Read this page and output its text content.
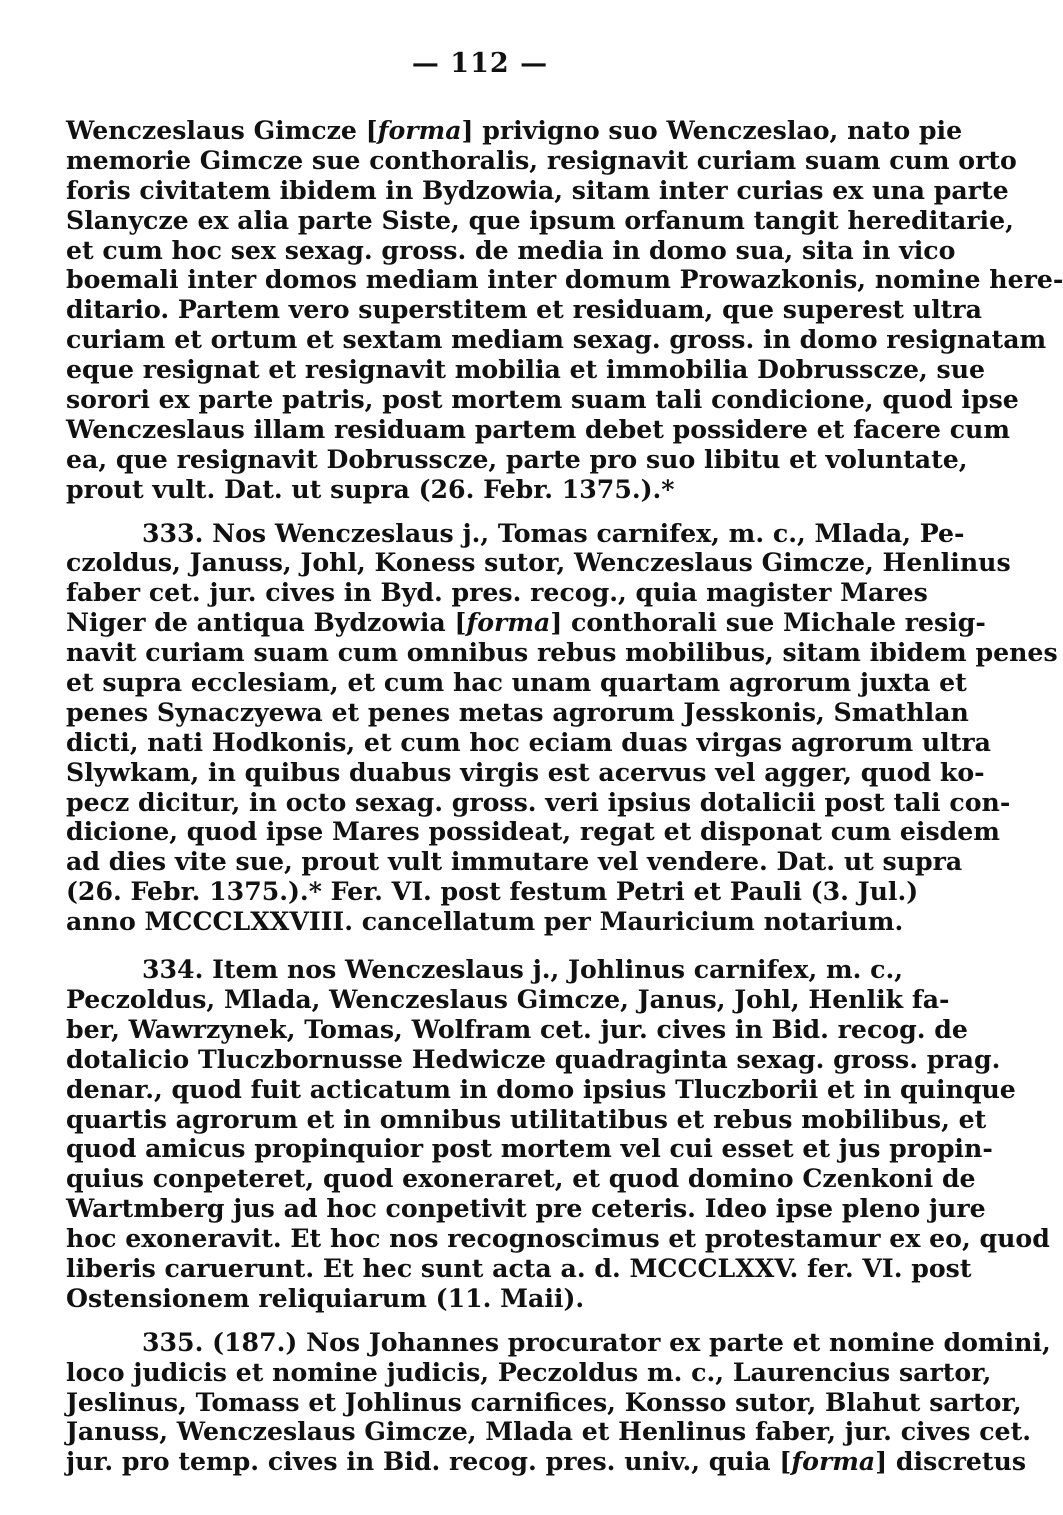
— 112 —
Wenczeslaus Gimcze [forma] privigno suo Wenczeslao, nato pie
memorie Gimcze sue conthoralis, resignavit curiam suam cum orto
foris civitatem ibidem in Bydzowia, sitam inter curias ex una parte
Slanycze ex alia parte Siste, que ipsum orfanum tangit hereditarie,
et cum hoc sex sexag. gross. de media in domo sua, sita in vico
boemali inter domos mediam inter domum Prowazkonis, nomine here-
ditario. Partem vero superstitem et residuam, que superest ultra
curiam et ortum et sextam mediam sexag. gross. in domo resignatam
eque resignat et resignavit mobilia et immobilia Dobrusscze, sue
sorori ex parte patris, post mortem suam tali condicione, quod ipse
Wenczeslaus illam residuam partem debet possidere et facere cum
ea, que resignavit Dobrusscze, parte pro suo libitu et voluntate,
prout vult. Dat. ut supra (26. Febr. 1375.).*
333. Nos Wenczeslaus j., Tomas carnifex, m. c., Mlada, Pe-
czoldus, Januss, Johl, Koness sutor, Wenczeslaus Gimcze, Henlinus
faber cet. jur. cives in Byd. pres. recog., quia magister Mares
Niger de antiqua Bydzowia [forma] conthorali sue Michale resig-
navit curiam suam cum omnibus rebus mobilibus, sitam ibidem penes
et supra ecclesiam, et cum hac unam quartam agrorum juxta et
penes Synaczyewa et penes metas agrorum Jesskonis, Smathlan
dicti, nati Hodkonis, et cum hoc eciam duas virgas agrorum ultra
Slywkam, in quibus duabus virgis est acervus vel agger, quod ko-
pecz dicitur, in octo sexag. gross. veri ipsius dotalicii post tali con-
dicione, quod ipse Mares possideat, regat et disponat cum eisdem
ad dies vite sue, prout vult immutare vel vendere. Dat. ut supra
(26. Febr. 1375.).* Fer. VI. post festum Petri et Pauli (3. Jul.)
anno MCCCLXXVIII. cancellatum per Mauricium notarium.
334. Item nos Wenczeslaus j., Johlinus carnifex, m. c.,
Peczoldus, Mlada, Wenczeslaus Gimcze, Janus, Johl, Henlik fa-
ber, Wawrzynek, Tomas, Wolfram cet. jur. cives in Bid. recog. de
dotalicio Tluczbornusse Hedwicze quadraginta sexag. gross. prag.
denar., quod fuit acticatum in domo ipsius Tluczborii et in quinque
quartis agrorum et in omnibus utilitatibus et rebus mobilibus, et
quod amicus propinquior post mortem vel cui esset et jus propin-
quius conpeteret, quod exoneraret, et quod domino Czenkoni de
Wartmberg jus ad hoc conpetivit pre ceteris. Ideo ipse pleno jure
hoc exoneravit. Et hoc nos recognoscimus et protestamur ex eo, quod
liberis caruerunt. Et hec sunt acta a. d. MCCCLXXV. fer. VI. post
Ostensionem reliquiarum (11. Maii).
335. (187.) Nos Johannes procurator ex parte et nomine domini,
loco judicis et nomine judicis, Peczoldus m. c., Laurencius sartor,
Jeslinus, Tomass et Johlinus carnifices, Konsso sutor, Blahut sartor,
Januss, Wenczeslaus Gimcze, Mlada et Henlinus faber, jur. cives cet.
jur. pro temp. cives in Bid. recog. pres. univ., quia [forma] discretus
